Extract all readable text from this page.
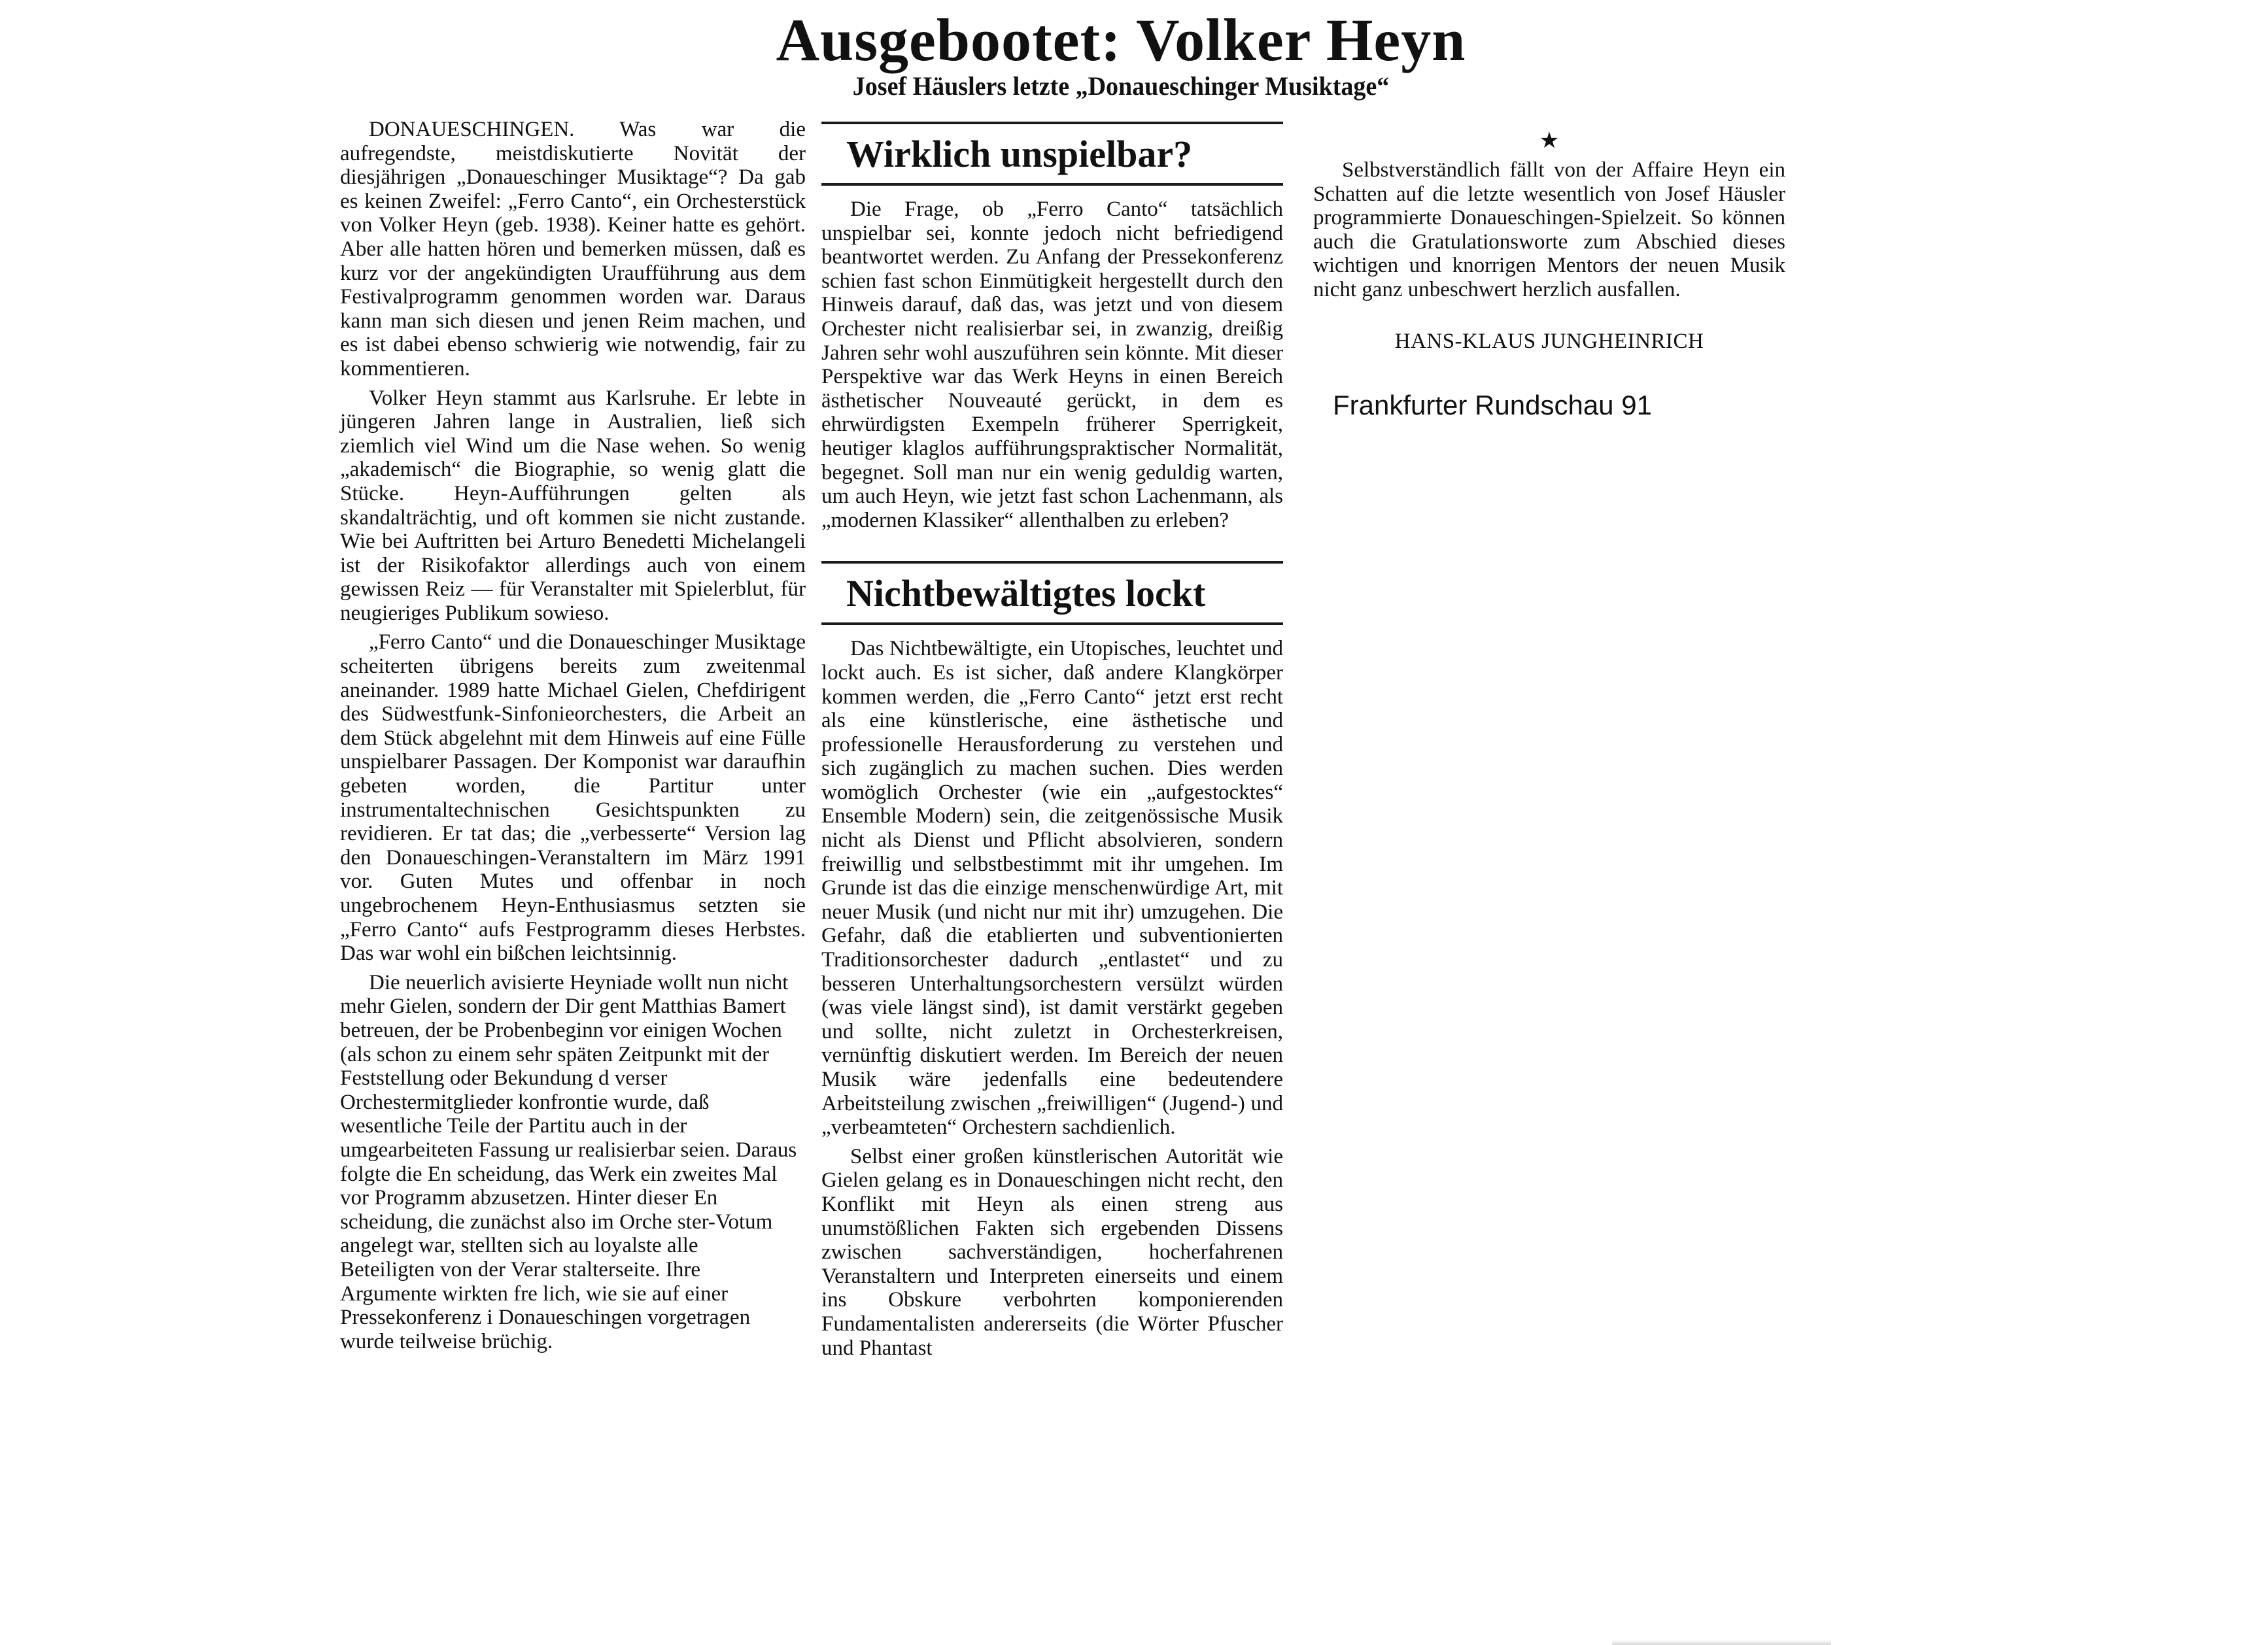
Ausgebootet: Volker Heyn
Josef Häuslers letzte „Donaueschinger Musiktage“

DONAUESCHINGEN. Was war die aufregendste, meistdiskutierte Novität der diesjährigen „Donaueschinger Musiktage“? Da gab es keinen Zweifel: „Ferro Canto“, ein Orchesterstück von Volker Heyn (geb. 1938). Keiner hatte es gehört. Aber alle hatten hören und bemerken müssen, daß es kurz vor der angekündigten Uraufführung aus dem Festivalprogramm genommen worden war. Daraus kann man sich diesen und jenen Reim machen, und es ist dabei ebenso schwierig wie notwendig, fair zu kommentieren.

Volker Heyn stammt aus Karlsruhe. Er lebte in jüngeren Jahren lange in Australien, ließ sich ziemlich viel Wind um die Nase wehen. So wenig „akademisch“ die Biographie, so wenig glatt die Stücke. Heyn-Aufführungen gelten als skandalträchtig, und oft kommen sie nicht zustande. Wie bei Auftritten bei Arturo Benedetti Michelangeli ist der Risikofaktor allerdings auch von einem gewissen Reiz — für Veranstalter mit Spielerblut, für neugieriges Publikum sowieso.

„Ferro Canto“ und die Donaueschinger Musiktage scheiterten übrigens bereits zum zweitenmal aneinander. 1989 hatte Michael Gielen, Chefdirigent des Südwestfunk-Sinfonieorchesters, die Arbeit an dem Stück abgelehnt mit dem Hinweis auf eine Fülle unspielbarer Passagen. Der Komponist war daraufhin gebeten worden, die Partitur unter instrumentaltechnischen Gesichtspunkten zu revidieren. Er tat das; die „verbesserte“ Version lag den Donaueschingen-Veranstaltern im März 1991 vor. Guten Mutes und offenbar in noch ungebrochenem Heyn-Enthusiasmus setzten sie „Ferro Canto“ aufs Festprogramm dieses Herbstes. Das war wohl ein bißchen leichtsinnig.

Die neuerlich avisierte Heyniade wollt nun nicht mehr Gielen, sondern der Dir gent Matthias Bamert betreuen, der be Probenbeginn vor einigen Wochen (als schon zu einem sehr späten Zeitpunkt mit der Feststellung oder Bekundung d verser Orchestermitglieder konfrontie wurde, daß wesentliche Teile der Partitu auch in der umgearbeiteten Fassung ur realisierbar seien. Daraus folgte die En scheidung, das Werk ein zweites Mal vor Programm abzusetzen. Hinter dieser En scheidung, die zunächst also im Orche ster-Votum angelegt war, stellten sich au loyalste alle Beteiligten von der Verar stalterseite. Ihre Argumente wirkten fre lich, wie sie auf einer Pressekonferenz i Donaueschingen vorgetragen wurde teilweise brüchig.

Wirklich unspielbar?

Die Frage, ob „Ferro Canto“ tatsächlich unspielbar sei, konnte jedoch nicht befriedigend beantwortet werden. Zu Anfang der Pressekonferenz schien fast schon Einmütigkeit hergestellt durch den Hinweis darauf, daß das, was jetzt und von diesem Orchester nicht realisierbar sei, in zwanzig, dreißig Jahren sehr wohl auszuführen sein könnte. Mit dieser Perspektive war das Werk Heyns in einen Bereich ästhetischer Nouveauté gerückt, in dem es ehrwürdigsten Exempeln früherer Sperrigkeit, heutiger klaglos aufführungspraktischer Normalität, begegnet. Soll man nur ein wenig geduldig warten, um auch Heyn, wie jetzt fast schon Lachenmann, als „modernen Klassiker“ allenthalben zu erleben?

Nichtbewältigtes lockt

Das Nichtbewältigte, ein Utopisches, leuchtet und lockt auch. Es ist sicher, daß andere Klangkörper kommen werden, die „Ferro Canto“ jetzt erst recht als eine künstlerische, eine ästhetische und professionelle Herausforderung zu verstehen und sich zugänglich zu machen suchen. Dies werden womöglich Orchester (wie ein „aufgestocktes“ Ensemble Modern) sein, die zeitgenössische Musik nicht als Dienst und Pflicht absolvieren, sondern freiwillig und selbstbestimmt mit ihr umgehen. Im Grunde ist das die einzige menschenwürdige Art, mit neuer Musik (und nicht nur mit ihr) umzugehen. Die Gefahr, daß die etablierten und subventionierten Traditionsorchester dadurch „entlastet“ und zu besseren Unterhaltungsorchestern versülzt würden (was viele längst sind), ist damit verstärkt gegeben und sollte, nicht zuletzt in Orchesterkreisen, vernünftig diskutiert werden. Im Bereich der neuen Musik wäre jedenfalls eine bedeutendere Arbeitsteilung zwischen „freiwilligen“ (Jugend-) und „verbeamteten“ Orchestern sachdienlich.

Selbst einer großen künstlerischen Autorität wie Gielen gelang es in Donaueschingen nicht recht, den Konflikt mit Heyn als einen streng aus unumstößlichen Fakten sich ergebenden Dissens zwischen sachverständigen, hocherfahrenen Veranstaltern und Interpreten einerseits und einem ins Obskure verbohrten komponierenden Fundamentalisten andererseits (die Wörter Pfuscher und Phantast

★

Selbstverständlich fällt von der Affaire Heyn ein Schatten auf die letzte wesentlich von Josef Häusler programmierte Donaueschingen-Spielzeit. So können auch die Gratulationsworte zum Abschied dieses wichtigen und knorrigen Mentors der neuen Musik nicht ganz unbeschwert herzlich ausfallen.

HANS-KLAUS JUNGHEINRICH
Frankfurter Rundschau 91
